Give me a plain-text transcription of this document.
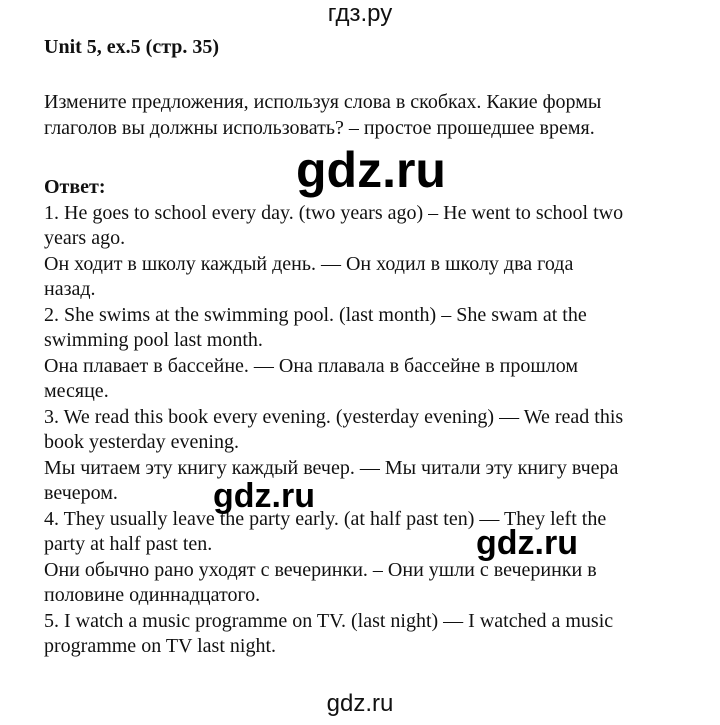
гдз.ру
Unit 5, ex.5 (стр. 35)
Измените предложения, используя слова в скобках. Какие формы
глаголов вы должны использовать? – простое прошедшее время.
Ответ:
1. He goes to school every day. (two years ago) – He went to school two
years ago.
Он ходит в школу каждый день. — Он ходил в школу два года
назад.
2. She swims at the swimming pool. (last month) – She swam at the
swimming pool last month.
Она плавает в бассейне. — Она плавала в бассейне в прошлом
месяце.
3. We read this book every evening. (yesterday evening) — We read this
book yesterday evening.
Мы читаем эту книгу каждый вечер. — Мы читали эту книгу вчера
вечером.
4. They usually leave the party early. (at half past ten) — They left the
party at half past ten.
Они обычно рано уходят с вечеринки. – Они ушли с вечеринки в
половине одиннадцатого.
5. I watch a music programme on TV. (last night) — I watched a music
programme on TV last night.
gdz.ru
gdz.ru
gdz.ru
gdz.ru
